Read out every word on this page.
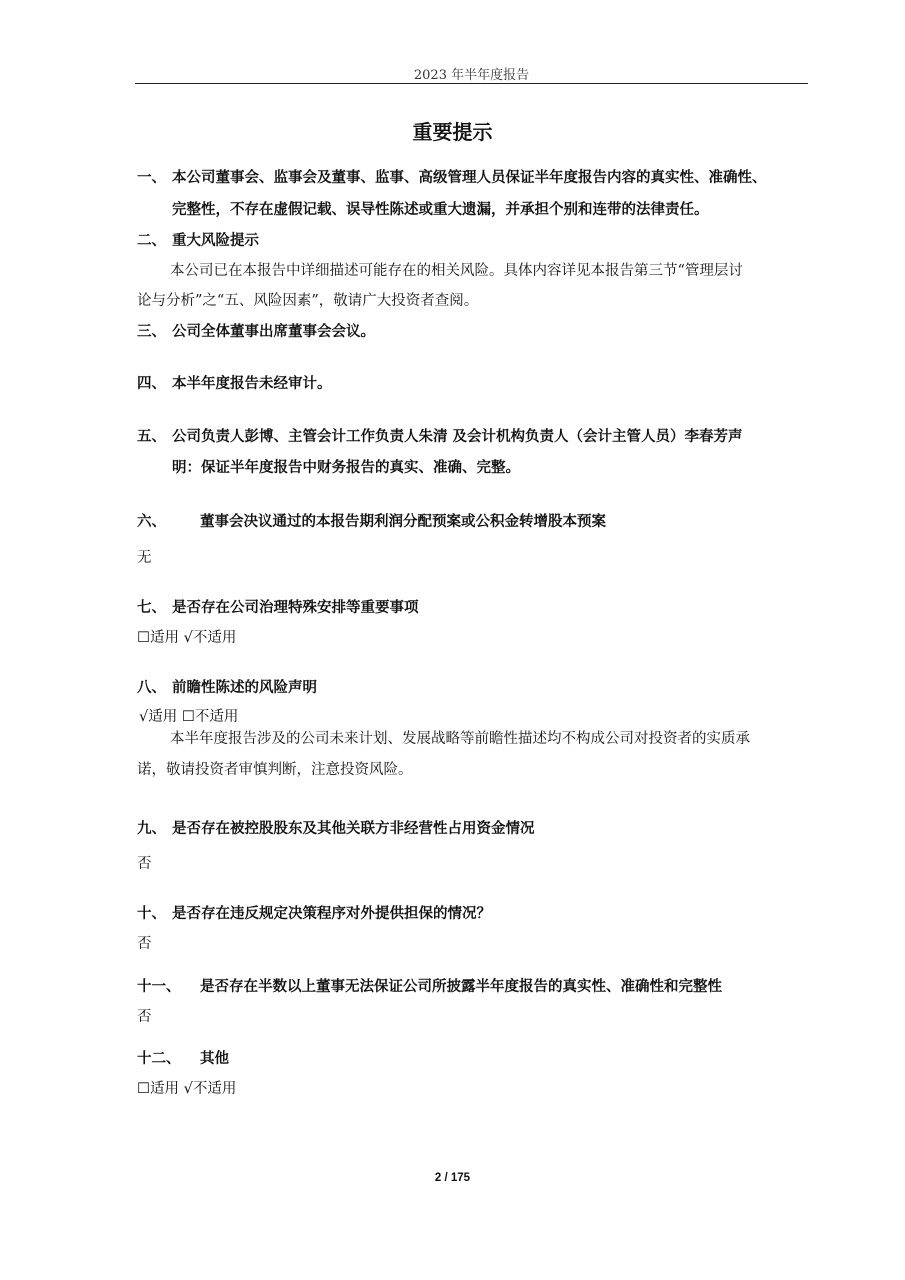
2023 年半年度报告
重要提示
一、 本公司董事会、监事会及董事、监事、高级管理人员保证半年度报告内容的真实性、准确性、
完整性，不存在虚假记载、误导性陈述或重大遗漏，并承担个别和连带的法律责任。
二、 重大风险提示
本公司已在本报告中详细描述可能存在的相关风险。具体内容详见本报告第三节“管理层讨
论与分析”之“五、风险因素”，敬请广大投资者查阅。
三、 公司全体董事出席董事会会议。
四、 本半年度报告未经审计。
五、 公司负责人彭博、主管会计工作负责人朱清 及会计机构负责人（会计主管人员）李春芳声
明：保证半年度报告中财务报告的真实、准确、完整。
六、 董事会决议通过的本报告期利润分配预案或公积金转增股本预案
无
七、 是否存在公司治理特殊安排等重要事项
☐适用 √不适用
八、 前瞻性陈述的风险声明
√适用 ☐不适用
本半年度报告涉及的公司未来计划、发展战略等前瞻性描述均不构成公司对投资者的实质承
诺，敬请投资者审慎判断，注意投资风险。
九、 是否存在被控股股东及其他关联方非经营性占用资金情况
否
十、 是否存在违反规定决策程序对外提供担保的情况？
否
十一、 是否存在半数以上董事无法保证公司所披露半年度报告的真实性、准确性和完整性
否
十二、 其他
☐适用 √不适用
2 / 175
